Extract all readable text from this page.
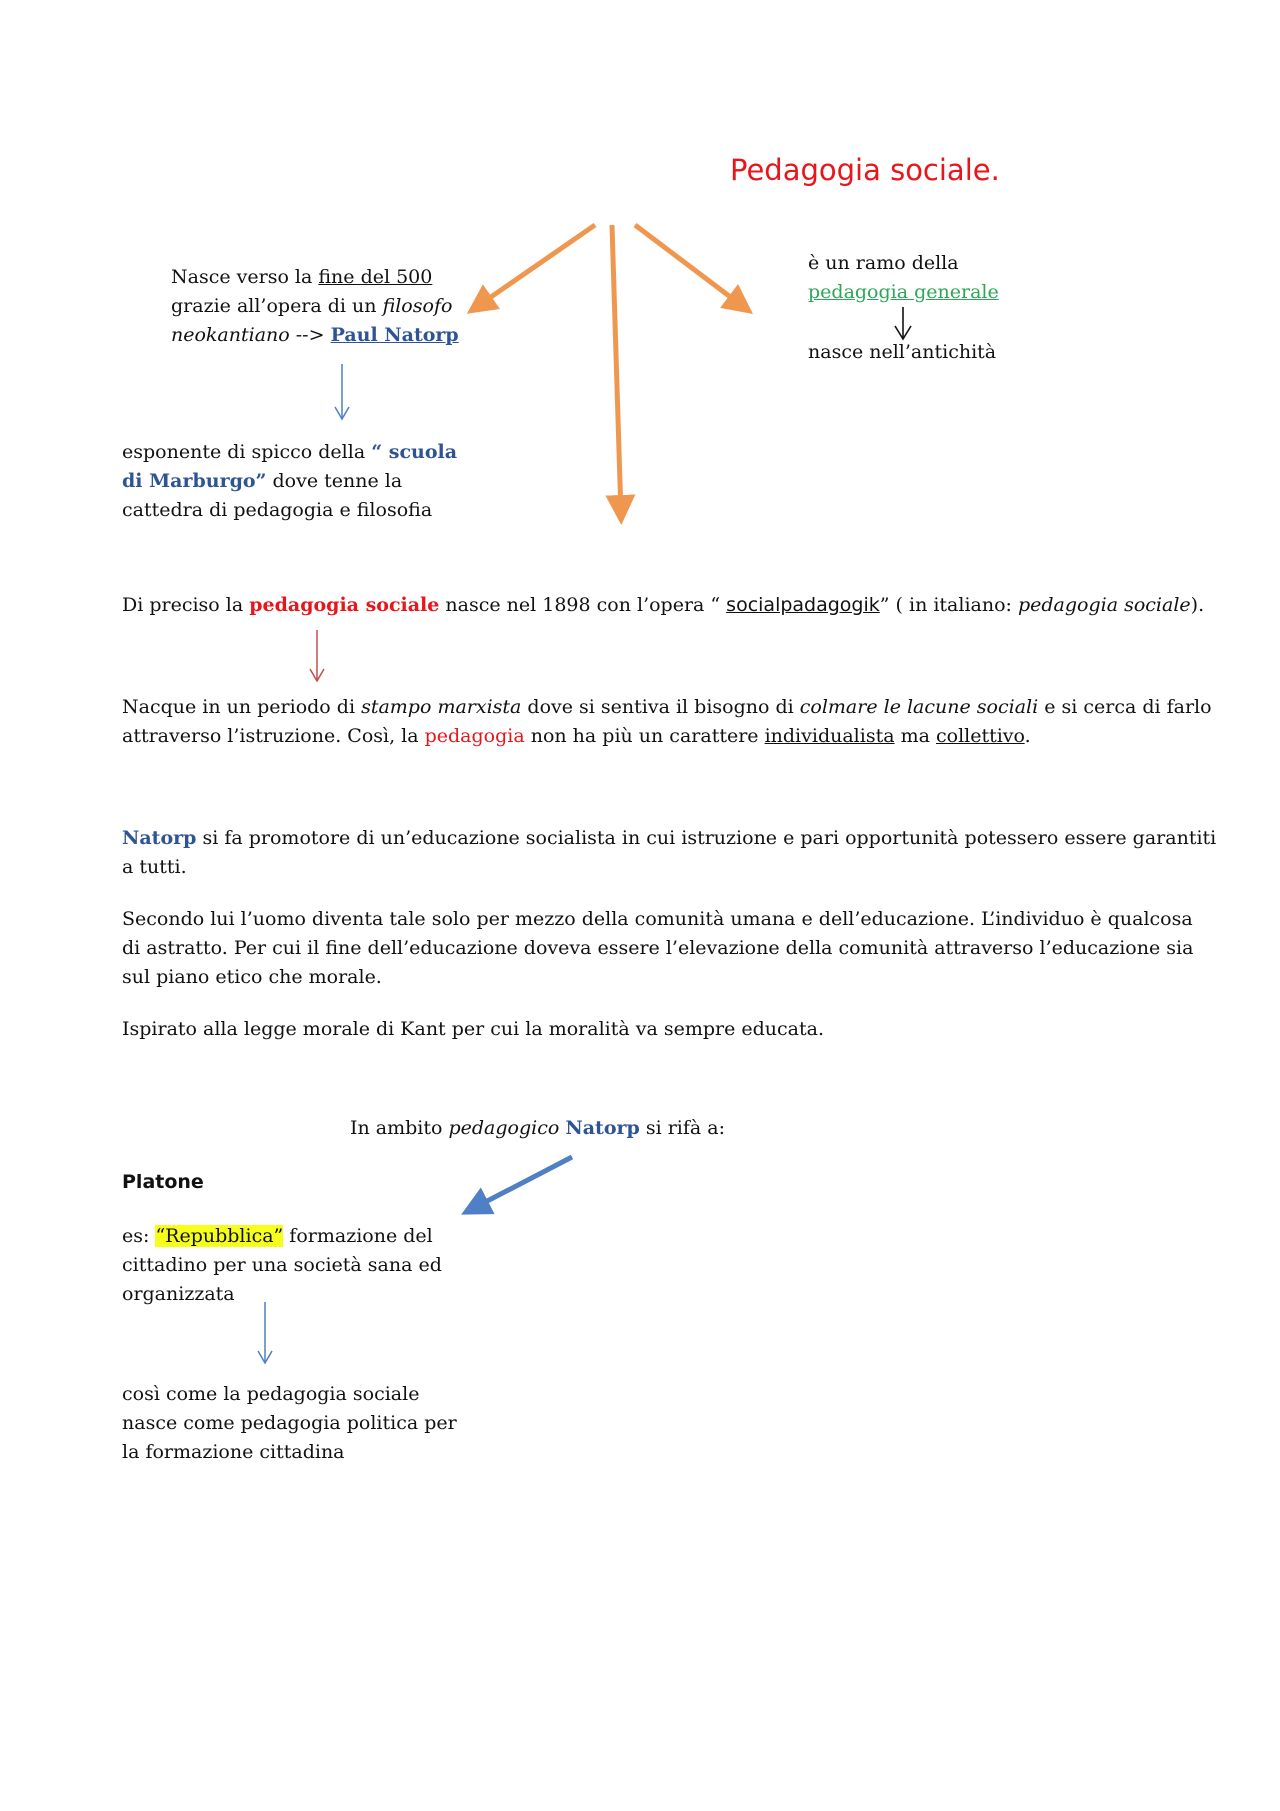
Pedagogia sociale.
Nasce verso la fine del 500
grazie all’opera di un filosofo
neokantiano --> Paul Natorp
esponente di spicco della “ scuola
di Marburgo” dove tenne la
cattedra di pedagogia e filosofia
è un ramo della
pedagogia generale
nasce nell’antichità
Di preciso la pedagogia sociale nasce nel 1898 con l’opera “ socialpadagogik” ( in italiano: pedagogia sociale).
Nacque in un periodo di stampo marxista dove si sentiva il bisogno di colmare le lacune sociali e si cerca di farlo
attraverso l’istruzione. Così, la pedagogia non ha più un carattere individualista ma collettivo.
Natorp si fa promotore di un’educazione socialista in cui istruzione e pari opportunità potessero essere garantiti
a tutti.
Secondo lui l’uomo diventa tale solo per mezzo della comunità umana e dell’educazione. L’individuo è qualcosa
di astratto. Per cui il fine dell’educazione doveva essere l’elevazione della comunità attraverso l’educazione sia
sul piano etico che morale.
Ispirato alla legge morale di Kant per cui la moralità va sempre educata.
In ambito pedagogico Natorp si rifà a:
Platone
es: “Repubblica” formazione del
cittadino per una società sana ed
organizzata
così come la pedagogia sociale
nasce come pedagogia politica per
la formazione cittadina
